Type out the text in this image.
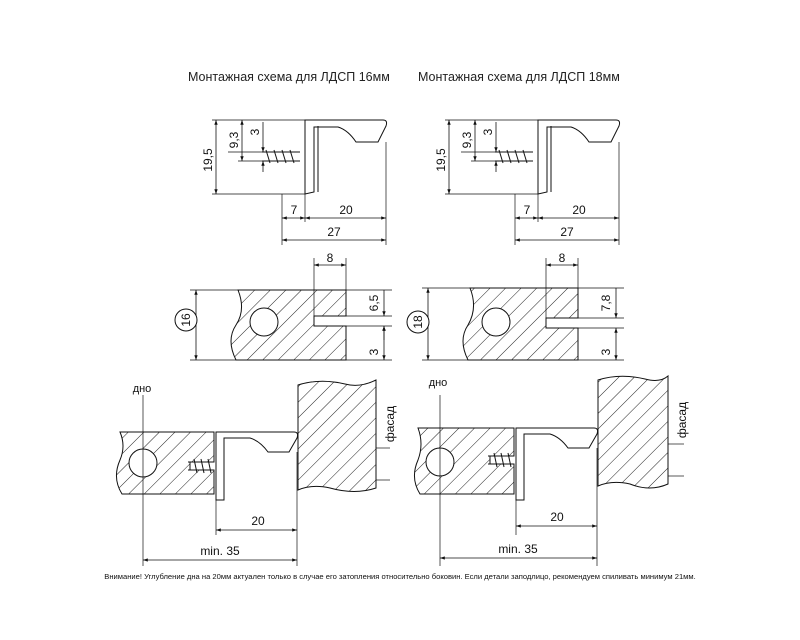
Монтажная схема для ЛДСП 16мм Монтажная схема для ЛДСП 18мм
19,5
9,3 3
7	20
27
19,5
9,3 3
7	20
27
16
8
6,5
3
18
8
7,8
3
дно
фасад
20
min. 35
дно
фасад
20
min. 35
Внимание! Углубление дна на 20мм актуален только в случае его затопления относительно боковин. Если детали заподлицо, рекомендуем спиливать минимум 21мм.
